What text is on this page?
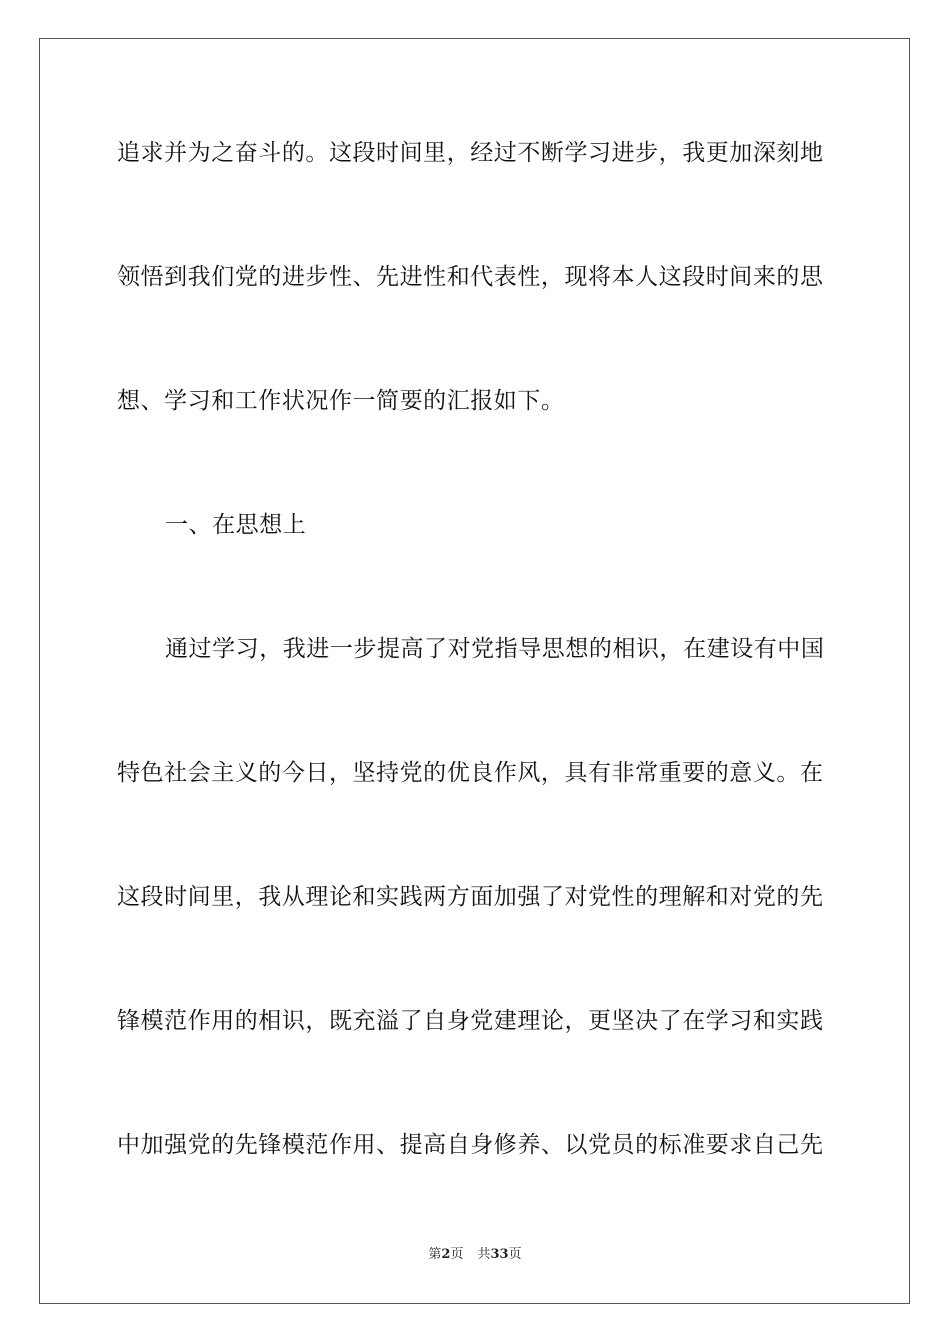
追求并为之奋斗的。这段时间里，经过不断学习进步，我更加深刻地
领悟到我们党的进步性、先进性和代表性，现将本人这段时间来的思
想、学习和工作状况作一简要的汇报如下。
一、在思想上
通过学习，我进一步提高了对党指导思想的相识，在建设有中国
特色社会主义的今日，坚持党的优良作风，具有非常重要的意义。在
这段时间里，我从理论和实践两方面加强了对党性的理解和对党的先
锋模范作用的相识，既充溢了自身党建理论，更坚决了在学习和实践
中加强党的先锋模范作用、提高自身修养、以党员的标准要求自己先
第2页 共33页
